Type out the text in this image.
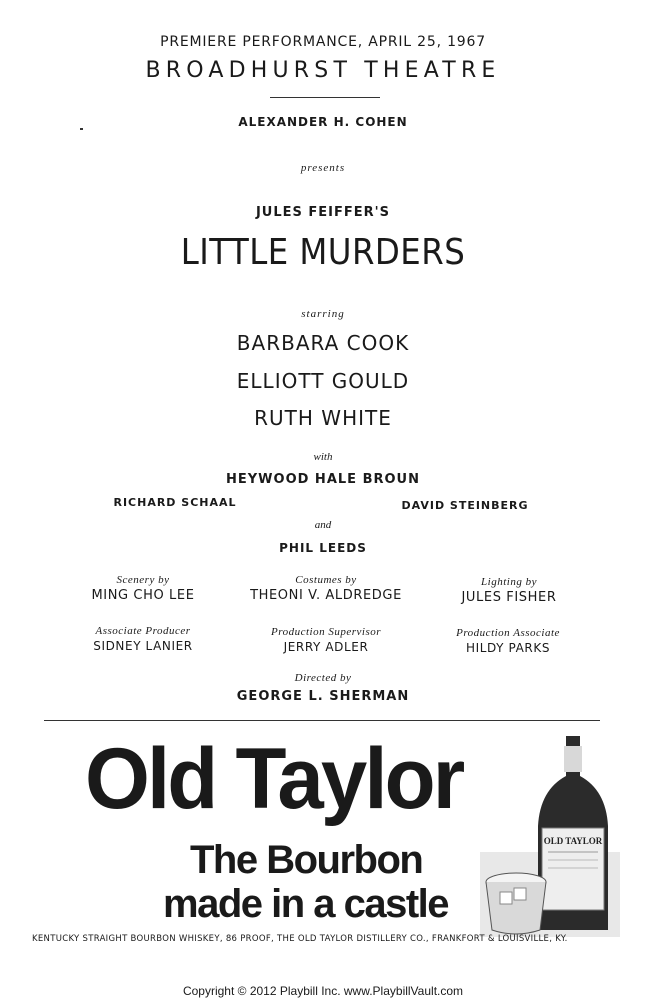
PREMIERE PERFORMANCE, APRIL 25, 1967
BROADHURST THEATRE
ALEXANDER H. COHEN
presents
JULES FEIFFER'S
LITTLE MURDERS
starring
BARBARA COOK
ELLIOTT GOULD
RUTH WHITE
with
HEYWOOD HALE BROUN
RICHARD SCHAAL	DAVID STEINBERG
and
PHIL LEEDS
Scenery by
MING CHO LEE
Costumes by
THEONI V. ALDREDGE
Lighting by
JULES FISHER
Associate Producer
SIDNEY LANIER
Production Supervisor
JERRY ADLER
Production Associate
HILDY PARKS
Directed by
GEORGE L. SHERMAN
Old Taylor
The Bourbon
made in a castle
OLD TAYLOR
KENTUCKY STRAIGHT BOURBON WHISKEY, 86 PROOF, THE OLD TAYLOR DISTILLERY CO., FRANKFORT & LOUISVILLE, KY.
Copyright © 2012 Playbill Inc. www.PlaybillVault.com
